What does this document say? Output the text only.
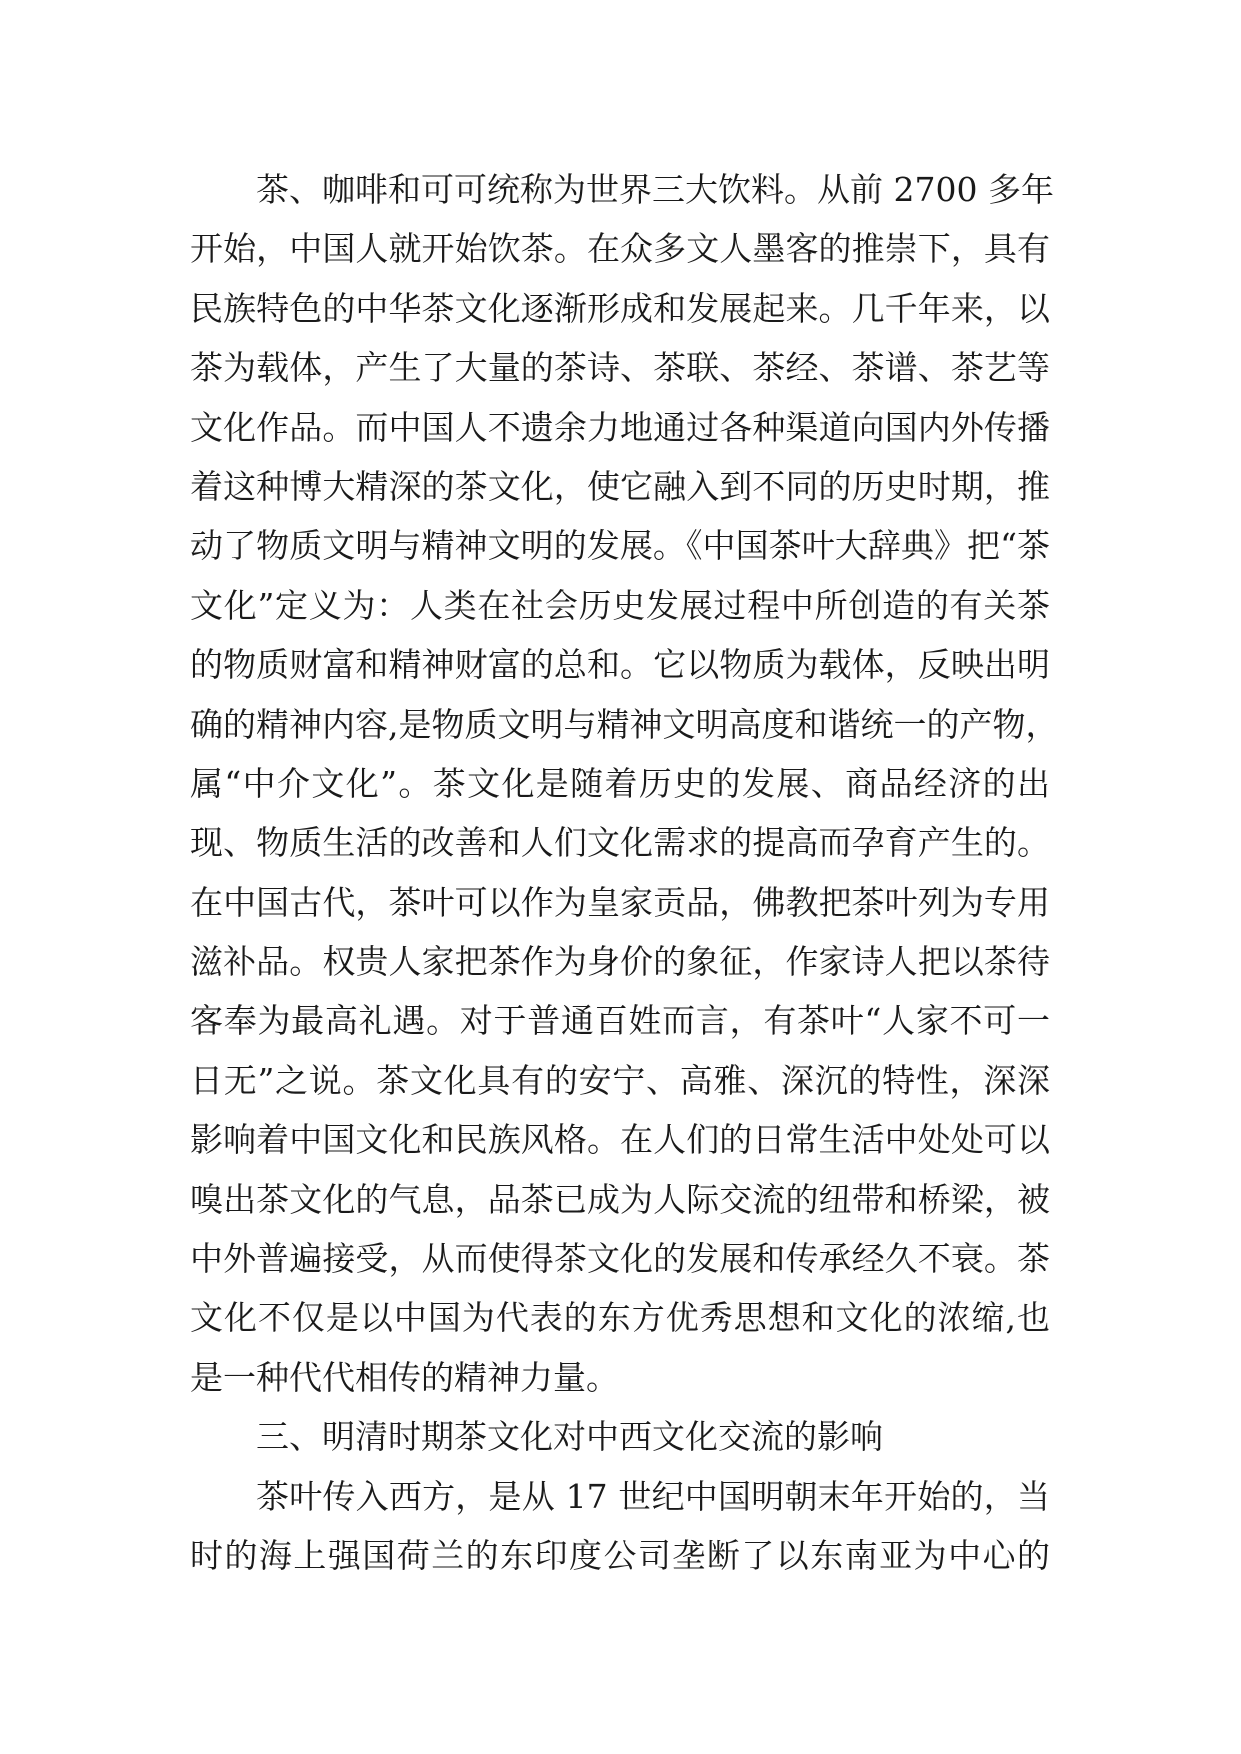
茶、咖啡和可可统称为世界三大饮料。从前 2700 多年
开始，中国人就开始饮茶。在众多文人墨客的推崇下，具有
民族特色的中华茶文化逐渐形成和发展起来。几千年来，以
茶为载体，产生了大量的茶诗、茶联、茶经、茶谱、茶艺等
文化作品。而中国人不遗余力地通过各种渠道向国内外传播
着这种博大精深的茶文化，使它融入到不同的历史时期，推
动了物质文明与精神文明的发展。《中国茶叶大辞典》把“茶
文化”定义为：人类在社会历史发展过程中所创造的有关茶
的物质财富和精神财富的总和。它以物质为载体，反映出明
确的精神内容,是物质文明与精神文明高度和谐统一的产物，
属“中介文化”。茶文化是随着历史的发展、商品经济的出
现、物质生活的改善和人们文化需求的提高而孕育产生的。
在中国古代，茶叶可以作为皇家贡品，佛教把茶叶列为专用
滋补品。权贵人家把茶作为身价的象征，作家诗人把以茶待
客奉为最高礼遇。对于普通百姓而言，有茶叶“人家不可一
日无”之说。茶文化具有的安宁、高雅、深沉的特性，深深
影响着中国文化和民族风格。在人们的日常生活中处处可以
嗅出茶文化的气息，品茶已成为人际交流的纽带和桥梁，被
中外普遍接受，从而使得茶文化的发展和传承经久不衰。茶
文化不仅是以中国为代表的东方优秀思想和文化的浓缩,也
是一种代代相传的精神力量。
三、明清时期茶文化对中西文化交流的影响
茶叶传入西方，是从 17 世纪中国明朝末年开始的，当
时的海上强国荷兰的东印度公司垄断了以东南亚为中心的
